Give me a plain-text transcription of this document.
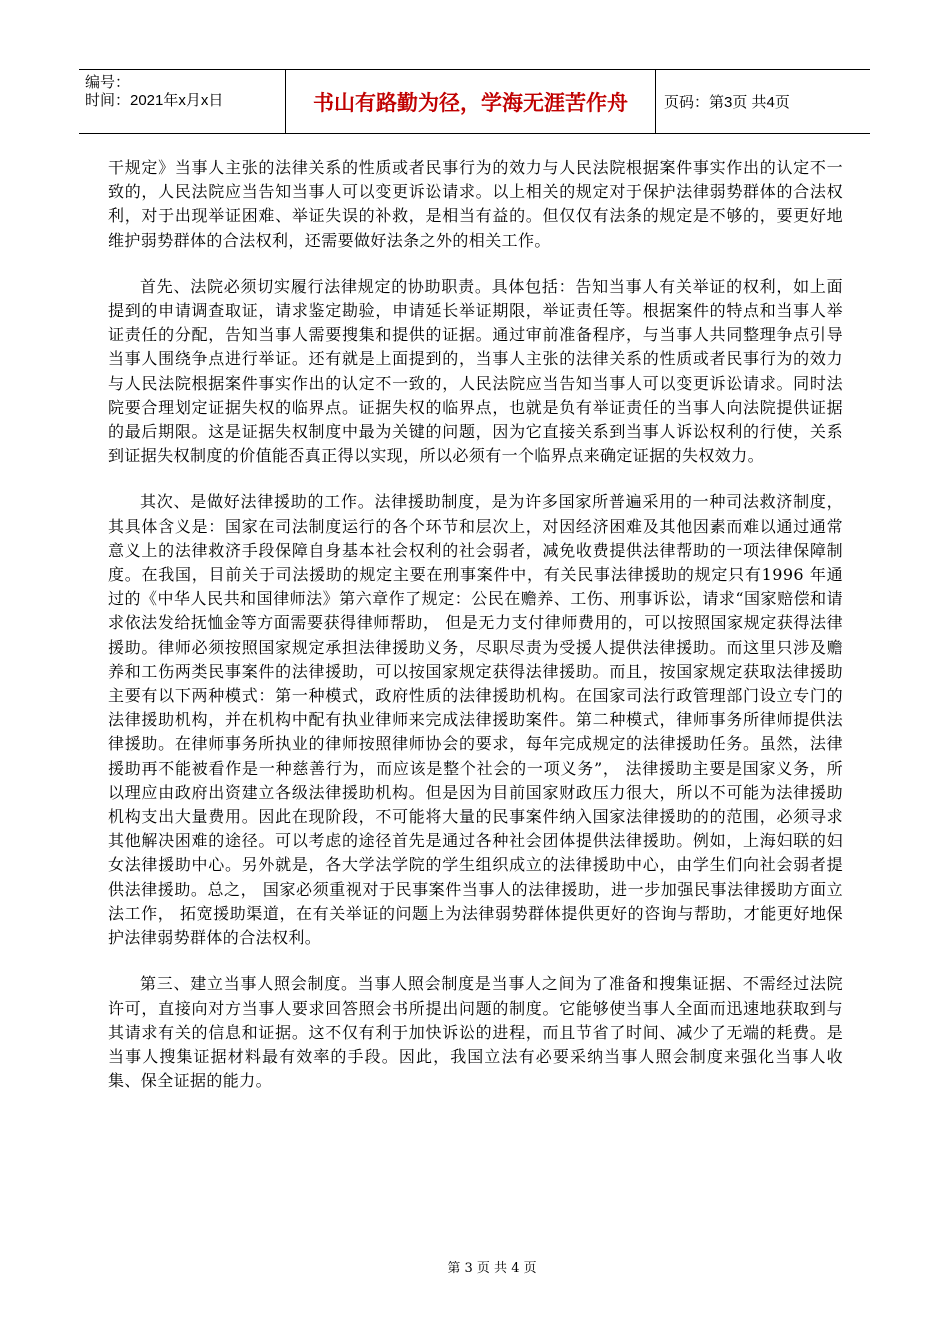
编号：
时间：2021年x月x日	书山有路勤为径，学海无涯苦作舟	页码：第3页 共4页

干规定》当事人主张的法律关系的性质或者民事行为的效力与人民法院根据案件事实作出的认定不一致的，人民法院应当告知当事人可以变更诉讼请求。以上相关的规定对于保护法律弱势群体的合法权利，对于出现举证困难、举证失误的补救，是相当有益的。但仅仅有法条的规定是不够的，要更好地维护弱势群体的合法权利，还需要做好法条之外的相关工作。

首先、法院必须切实履行法律规定的协助职责。具体包括：告知当事人有关举证的权利，如上面提到的申请调查取证，请求鉴定勘验，申请延长举证期限，举证责任等。根据案件的特点和当事人举证责任的分配，告知当事人需要搜集和提供的证据。通过审前准备程序，与当事人共同整理争点引导当事人围绕争点进行举证。还有就是上面提到的，当事人主张的法律关系的性质或者民事行为的效力与人民法院根据案件事实作出的认定不一致的，人民法院应当告知当事人可以变更诉讼请求。同时法院要合理划定证据失权的临界点。证据失权的临界点，也就是负有举证责任的当事人向法院提供证据的最后期限。这是证据失权制度中最为关键的问题，因为它直接关系到当事人诉讼权利的行使，关系到证据失权制度的价值能否真正得以实现，所以必须有一个临界点来确定证据的失权效力。

其次、是做好法律援助的工作。法律援助制度，是为许多国家所普遍采用的一种司法救济制度，其具体含义是：国家在司法制度运行的各个环节和层次上，对因经济困难及其他因素而难以通过通常意义上的法律救济手段保障自身基本社会权利的社会弱者，减免收费提供法律帮助的一项法律保障制度。在我国，目前关于司法援助的规定主要在刑事案件中，有关民事法律援助的规定只有1996 年通过的《中华人民共和国律师法》第六章作了规定：公民在赡养、工伤、刑事诉讼，请求“国家赔偿和请求依法发给抚恤金等方面需要获得律师帮助， 但是无力支付律师费用的，可以按照国家规定获得法律援助。律师必须按照国家规定承担法律援助义务，尽职尽责为受援人提供法律援助。而这里只涉及赡养和工伤两类民事案件的法律援助，可以按国家规定获得法律援助。而且，按国家规定获取法律援助主要有以下两种模式：第一种模式，政府性质的法律援助机构。在国家司法行政管理部门设立专门的法律援助机构，并在机构中配有执业律师来完成法律援助案件。第二种模式，律师事务所律师提供法律援助。在律师事务所执业的律师按照律师协会的要求，每年完成规定的法律援助任务。虽然，法律援助再不能被看作是一种慈善行为，而应该是整个社会的一项义务”， 法律援助主要是国家义务，所以理应由政府出资建立各级法律援助机构。但是因为目前国家财政压力很大，所以不可能为法律援助机构支出大量费用。因此在现阶段，不可能将大量的民事案件纳入国家法律援助的的范围，必须寻求其他解决困难的途径。可以考虑的途径首先是通过各种社会团体提供法律援助。例如，上海妇联的妇女法律援助中心。另外就是，各大学法学院的学生组织成立的法律援助中心，由学生们向社会弱者提供法律援助。总之， 国家必须重视对于民事案件当事人的法律援助，进一步加强民事法律援助方面立法工作， 拓宽援助渠道，在有关举证的问题上为法律弱势群体提供更好的咨询与帮助，才能更好地保护法律弱势群体的合法权利。

第三、建立当事人照会制度。当事人照会制度是当事人之间为了准备和搜集证据、不需经过法院许可，直接向对方当事人要求回答照会书所提出问题的制度。它能够使当事人全面而迅速地获取到与其请求有关的信息和证据。这不仅有利于加快诉讼的进程，而且节省了时间、减少了无端的耗费。是当事人搜集证据材料最有效率的手段。因此，我国立法有必要采纳当事人照会制度来强化当事人收集、保全证据的能力。

第 3 页 共 4 页
